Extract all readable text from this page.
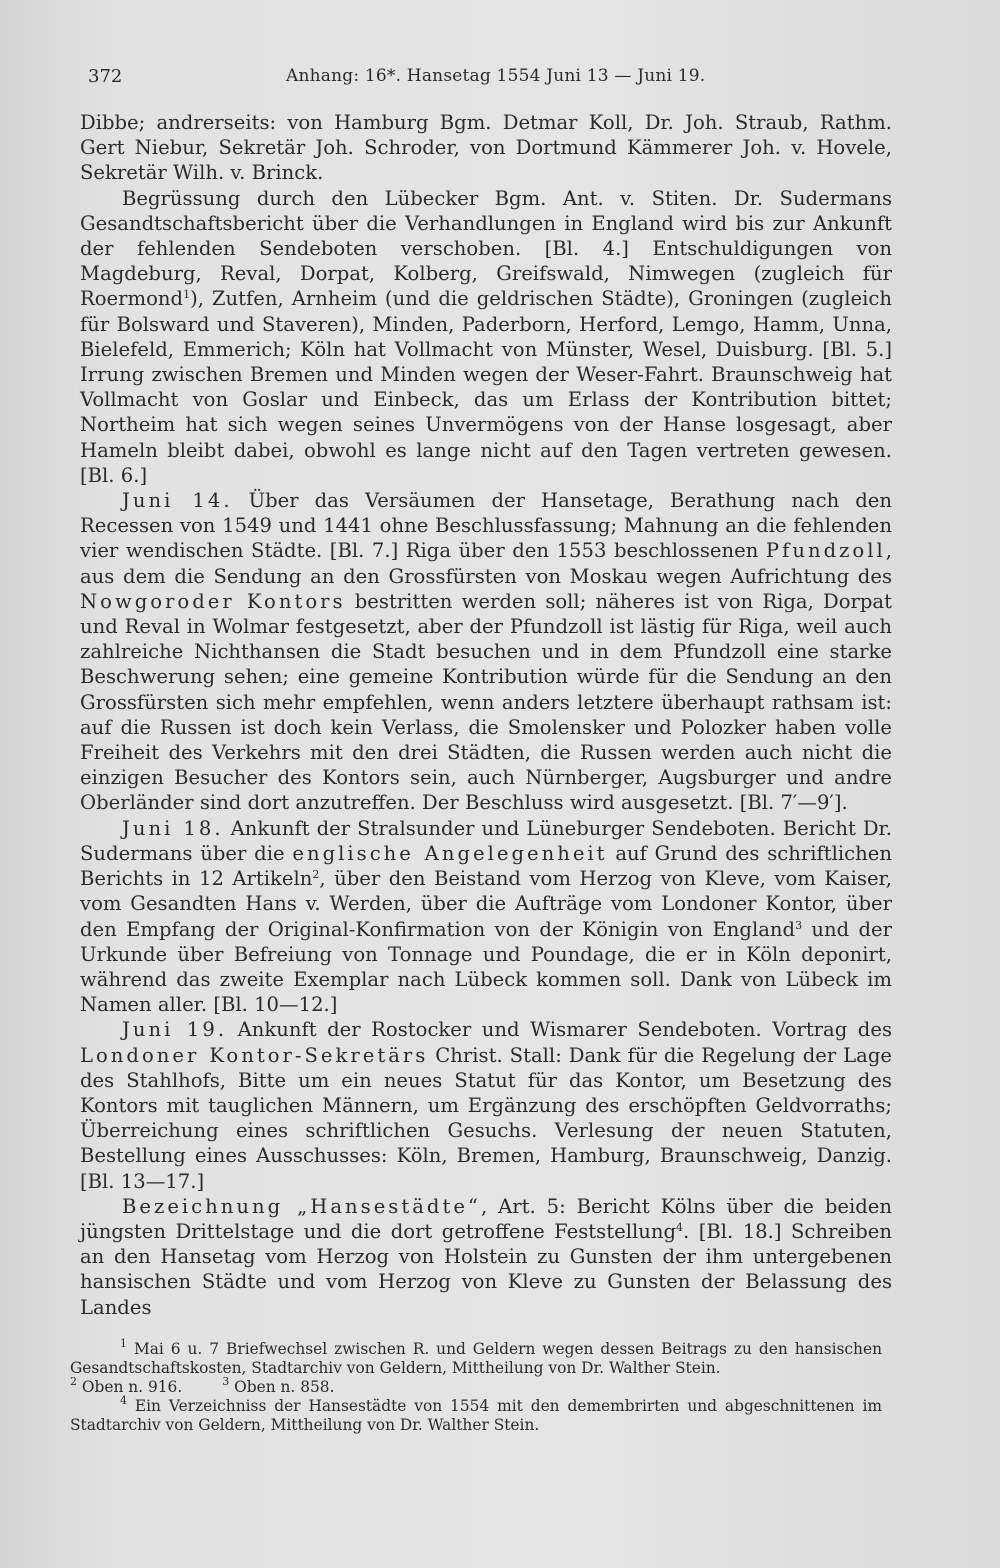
372	Anhang: 16*. Hansetag 1554 Juni 13 — Juni 19.

Dibbe; andrerseits: von Hamburg Bgm. Detmar Koll, Dr. Joh. Straub, Rathm. Gert Niebur, Sekretär Joh. Schroder, von Dortmund Kämmerer Joh. v. Hovele, Sekretär Wilh. v. Brinck.

Begrüssung durch den Lübecker Bgm. Ant. v. Stiten. Dr. Sudermans Gesandtschaftsbericht über die Verhandlungen in England wird bis zur Ankunft der fehlenden Sendeboten verschoben. [Bl. 4.] Entschuldigungen von Magdeburg, Reval, Dorpat, Kolberg, Greifswald, Nimwegen (zugleich für Roermond$^1$), Zutfen, Arnheim (und die geldrischen Städte), Groningen (zugleich für Bolsward und Staveren), Minden, Paderborn, Herford, Lemgo, Hamm, Unna, Bielefeld, Emmerich; Köln hat Vollmacht von Münster, Wesel, Duisburg. [Bl. 5.] Irrung zwischen Bremen und Minden wegen der Weser-Fahrt. Braunschweig hat Vollmacht von Goslar und Einbeck, das um Erlass der Kontribution bittet; Northeim hat sich wegen seines Unvermögens von der Hanse losgesagt, aber Hameln bleibt dabei, obwohl es lange nicht auf den Tagen vertreten gewesen. [Bl. 6.]

Juni 14. Über das Versäumen der Hansetage, Berathung nach den Recessen von 1549 und 1441 ohne Beschlussfassung; Mahnung an die fehlenden vier wendischen Städte. [Bl. 7.] Riga über den 1553 beschlossenen Pfundzoll, aus dem die Sendung an den Grossfürsten von Moskau wegen Aufrichtung des Nowgoroder Kontors bestritten werden soll; näheres ist von Riga, Dorpat und Reval in Wolmar festgesetzt, aber der Pfundzoll ist lästig für Riga, weil auch zahlreiche Nichthansen die Stadt besuchen und in dem Pfundzoll eine starke Beschwerung sehen; eine gemeine Kontribution würde für die Sendung an den Grossfürsten sich mehr empfehlen, wenn anders letztere überhaupt rathsam ist: auf die Russen ist doch kein Verlass, die Smolensker und Polozker haben volle Freiheit des Verkehrs mit den drei Städten, die Russen werden auch nicht die einzigen Besucher des Kontors sein, auch Nürnberger, Augsburger und andre Oberländer sind dort anzutreffen. Der Beschluss wird ausgesetzt. [Bl. 7′—9′].

Juni 18. Ankunft der Stralsunder und Lüneburger Sendeboten. Bericht Dr. Sudermans über die englische Angelegenheit auf Grund des schriftlichen Berichts in 12 Artikeln$^2$, über den Beistand vom Herzog von Kleve, vom Kaiser, vom Gesandten Hans v. Werden, über die Aufträge vom Londoner Kontor, über den Empfang der Original-Konfirmation von der Königin von England$^3$ und der Urkunde über Befreiung von Tonnage und Poundage, die er in Köln deponirt, während das zweite Exemplar nach Lübeck kommen soll. Dank von Lübeck im Namen aller. [Bl. 10—12.]

Juni 19. Ankunft der Rostocker und Wismarer Sendeboten. Vortrag des Londoner Kontor-Sekretärs Christ. Stall: Dank für die Regelung der Lage des Stahlhofs, Bitte um ein neues Statut für das Kontor, um Besetzung des Kontors mit tauglichen Männern, um Ergänzung des erschöpften Geldvorraths; Überreichung eines schriftlichen Gesuchs. Verlesung der neuen Statuten, Bestellung eines Ausschusses: Köln, Bremen, Hamburg, Braunschweig, Danzig. [Bl. 13—17.]

Bezeichnung „Hansestädte“, Art. 5: Bericht Kölns über die beiden jüngsten Drittelstage und die dort getroffene Feststellung$^4$. [Bl. 18.] Schreiben an den Hansetag vom Herzog von Holstein zu Gunsten der ihm untergebenen hansischen Städte und vom Herzog von Kleve zu Gunsten der Belassung des Landes

$^1$ Mai 6 u. 7 Briefwechsel zwischen R. und Geldern wegen dessen Beitrags zu den hansischen Gesandtschaftskosten, Stadtarchiv von Geldern, Mittheilung von Dr. Walther Stein.

$^2$ Oben n. 916.	$^3$ Oben n. 858.

$^4$ Ein Verzeichniss der Hansestädte von 1554 mit den demembrirten und abgeschnittenen im Stadtarchiv von Geldern, Mittheilung von Dr. Walther Stein.
